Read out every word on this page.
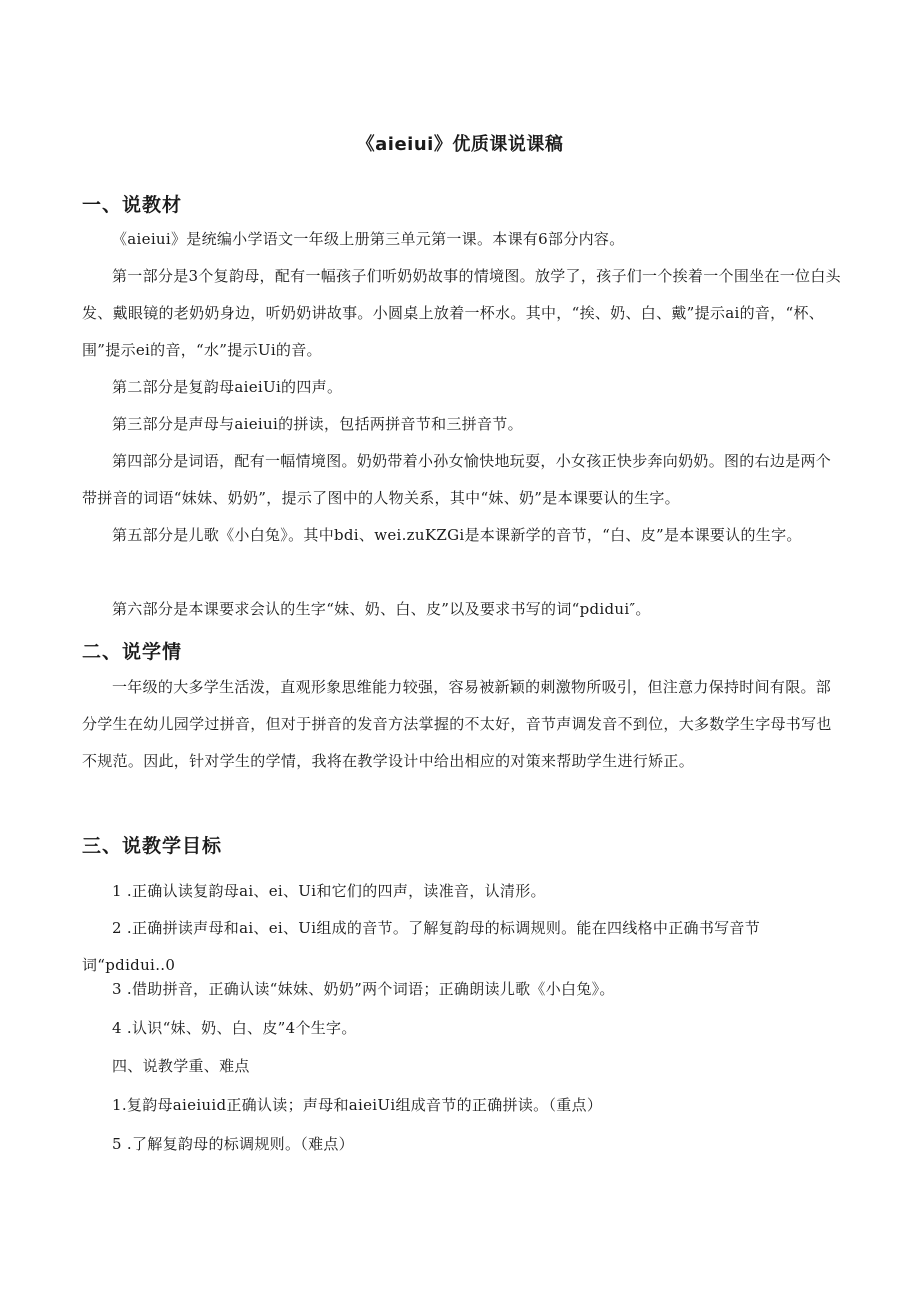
《aieiui》优质课说课稿
一、说教材
《aieiui》是统编小学语文一年级上册第三单元第一课。本课有6部分内容。
第一部分是3个复韵母，配有一幅孩子们听奶奶故事的情境图。放学了，孩子们一个挨着一个围坐在一位白头发、戴眼镜的老奶奶身边，听奶奶讲故事。小圆桌上放着一杯水。其中，“挨、奶、白、戴”提示ai的音，“杯、围”提示ei的音，“水”提示Ui的音。
第二部分是复韵母aieiUi的四声。
第三部分是声母与aieiui的拼读，包括两拼音节和三拼音节。
第四部分是词语，配有一幅情境图。奶奶带着小孙女愉快地玩耍，小女孩正快步奔向奶奶。图的右边是两个带拼音的词语“妹妹、奶奶”，提示了图中的人物关系，其中“妹、奶”是本课要认的生字。
第五部分是儿歌《小白兔》。其中bdi、wei.zuKZGi是本课新学的音节，“白、皮”是本课要认的生字。
第六部分是本课要求会认的生字“妹、奶、白、皮”以及要求书写的词“pdidui″。
二、说学情
一年级的大多学生活泼，直观形象思维能力较强，容易被新颖的刺激物所吸引，但注意力保持时间有限。部分学生在幼儿园学过拼音，但对于拼音的发音方法掌握的不太好，音节声调发音不到位，大多数学生字母书写也不规范。因此，针对学生的学情，我将在教学设计中给出相应的对策来帮助学生进行矫正。
三、说教学目标
1 .正确认读复韵母ai、ei、Ui和它们的四声，读准音，认清形。
2 .正确拼读声母和ai、ei、Ui组成的音节。了解复韵母的标调规则。能在四线格中正确书写音节词“pdidui‥0
3 .借助拼音，正确认读“妹妹、奶奶”两个词语；正确朗读儿歌《小白兔》。
4 .认识“妹、奶、白、皮”4个生字。
四、说教学重、难点
1.复韵母aieiuid正确认读；声母和aieiUi组成音节的正确拼读。（重点）
5 .了解复韵母的标调规则。（难点）
